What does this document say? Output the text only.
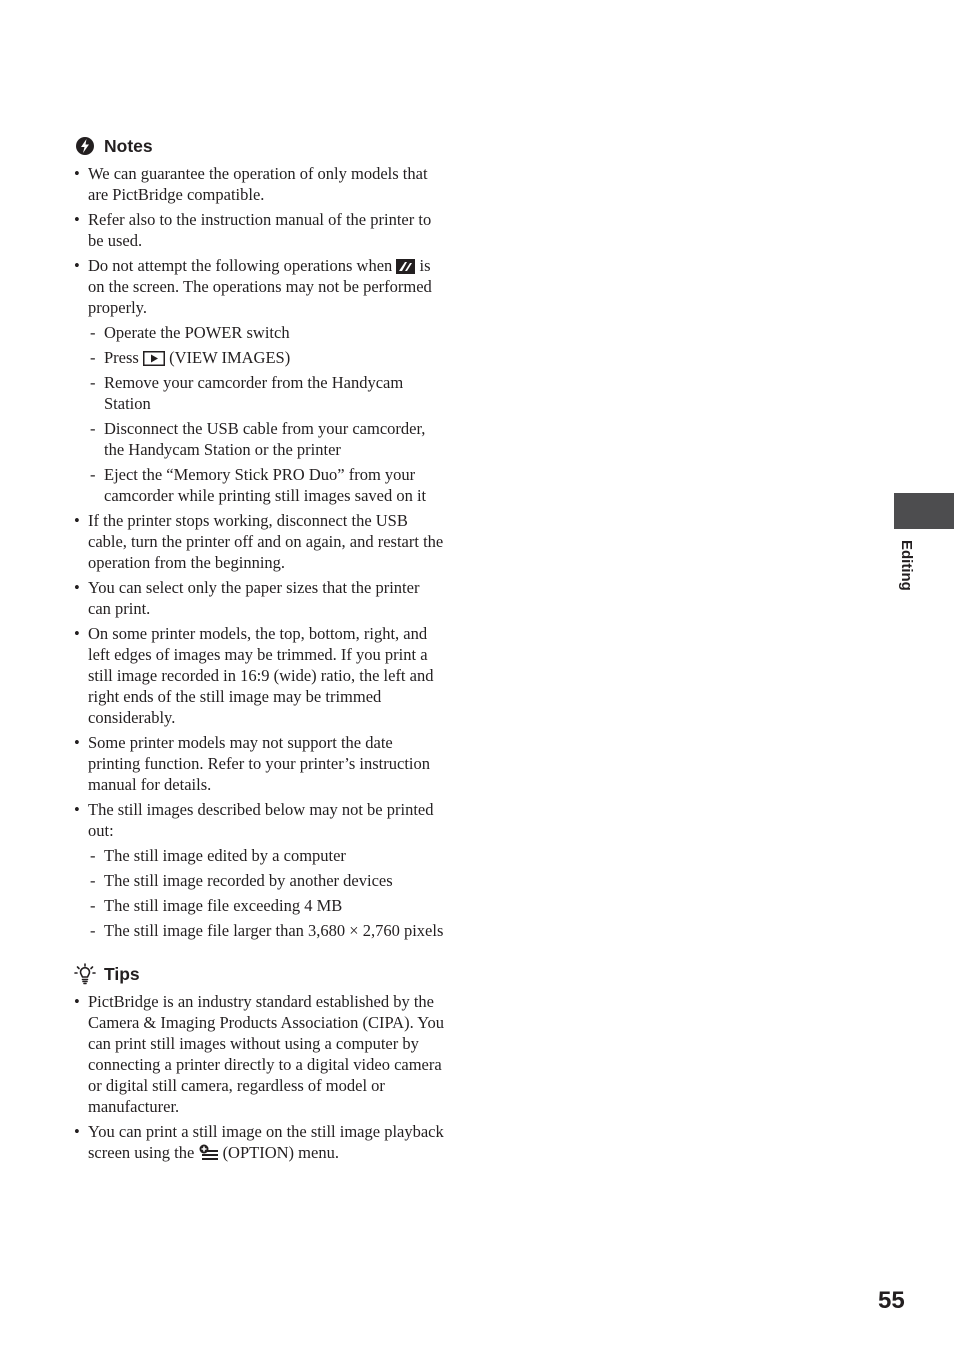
Notes
• We can guarantee the operation of only models that are PictBridge compatible.
• Refer also to the instruction manual of the printer to be used.
• Do not attempt the following operations when
is on the screen. The operations may not be performed properly.
- Operate the POWER switch
- Press
(VIEW IMAGES)
- Remove your camcorder from the Handycam Station
- Disconnect the USB cable from your camcorder, the Handycam Station or the printer
- Eject the “Memory Stick PRO Duo” from your camcorder while printing still images saved on it
• If the printer stops working, disconnect the USB cable, turn the printer off and on again, and restart the operation from the beginning.
• You can select only the paper sizes that the printer can print.
• On some printer models, the top, bottom, right, and left edges of images may be trimmed. If you print a still image recorded in 16:9 (wide) ratio, the left and right ends of the still image may be trimmed considerably.
• Some printer models may not support the date printing function. Refer to your printer’s instruction manual for details.
• The still images described below may not be printed out:
- The still image edited by a computer
- The still image recorded by another devices
- The still image file exceeding 4 MB
- The still image file larger than 3,680 × 2,760 pixels
Tips
• PictBridge is an industry standard established by the Camera & Imaging Products Association (CIPA). You can print still images without using a computer by connecting a printer directly to a digital video camera or digital still camera, regardless of model or manufacturer.
• You can print a still image on the still image playback screen using the
(OPTION) menu.
Editing
55
